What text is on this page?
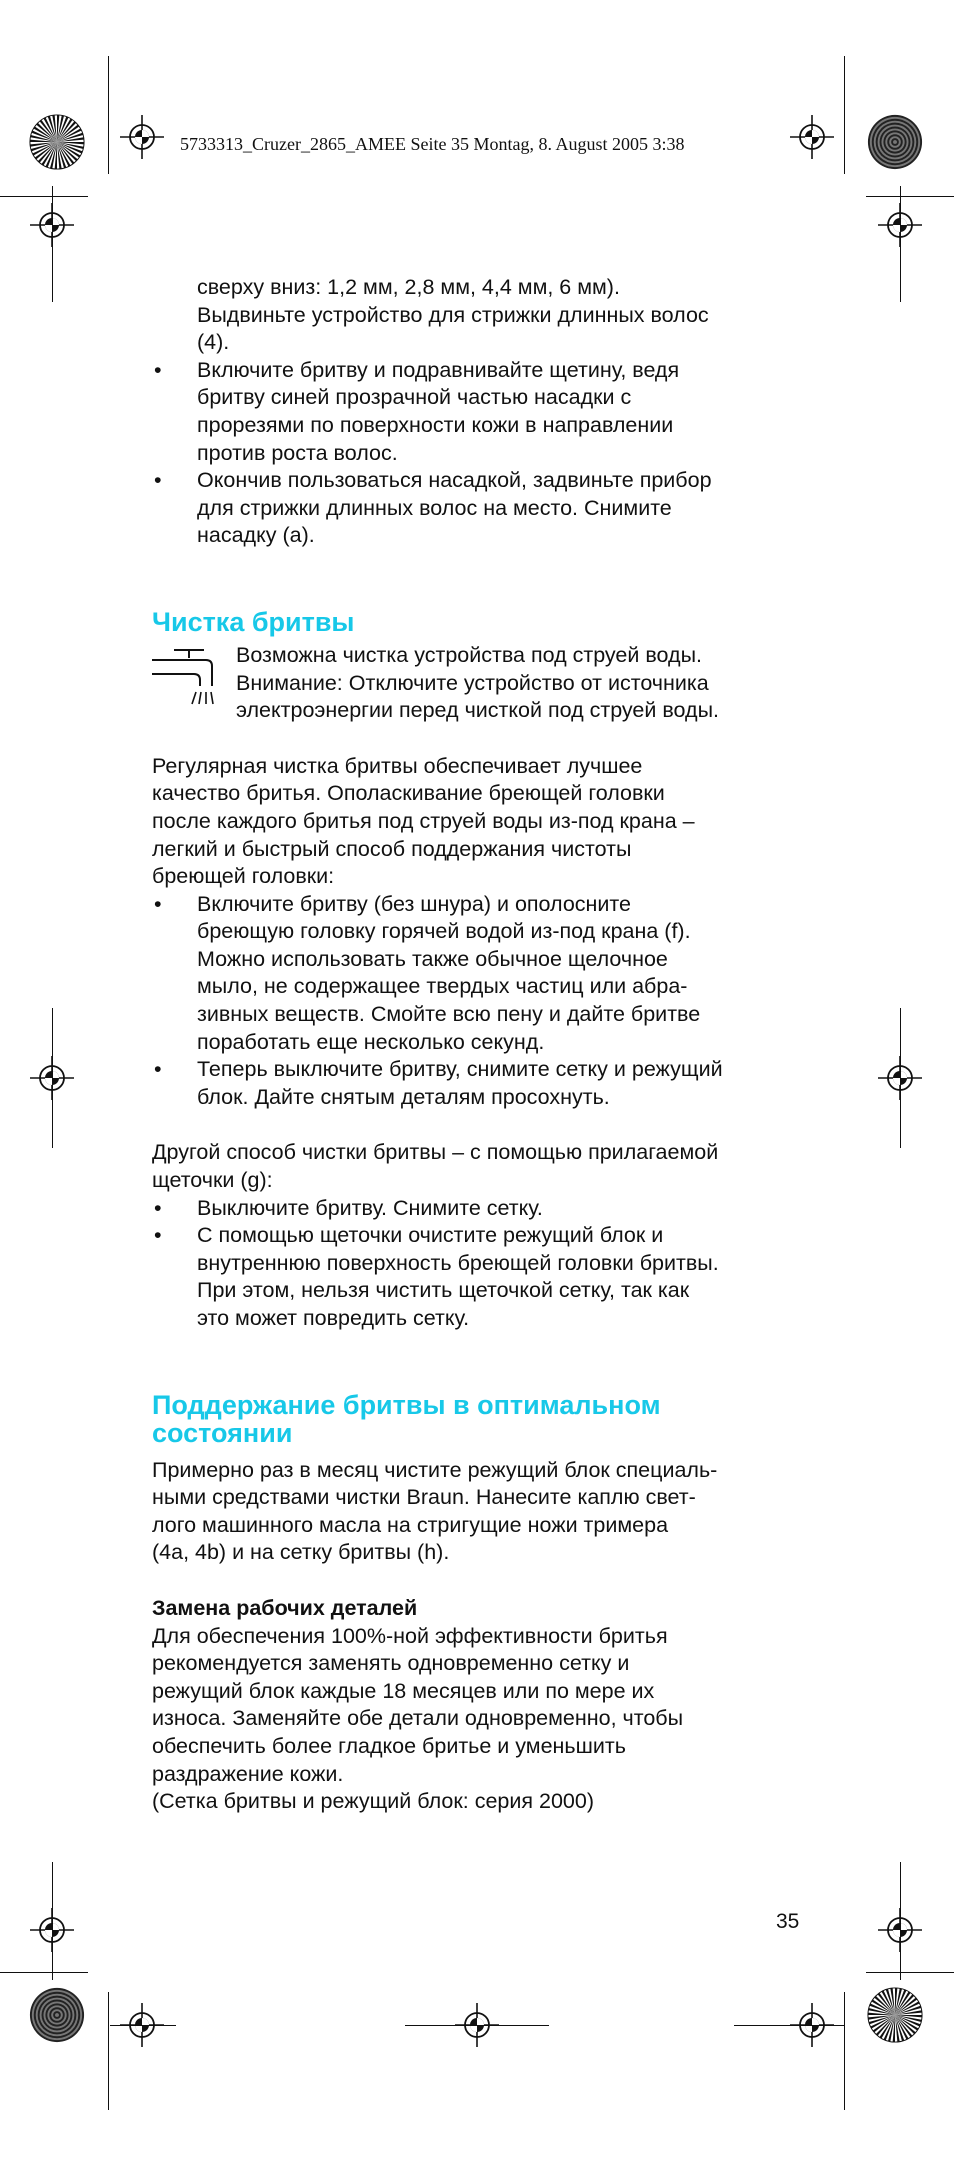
5733313_Cruzer_2865_AMEE Seite 35 Montag, 8. August 2005 3:38

сверху вниз: 1,2 мм, 2,8 мм, 4,4 мм, 6 мм).

Выдвиньте устройство для стрижки длинных волос

(4).

• Включите бритву и подравнивайте щетину, ведя
бритву синей прозрачной частью насадки с
прорезями по поверхности кожи в направлении
против роста волос.
• Окончив пользоваться насадкой, задвиньте прибор
для стрижки длинных волос на место. Снимите
насадку (a).
Чистка бритвы
Возможна чистка устройства под струей воды.
Внимание: Отключите устройство от источника
электроэнергии перед чисткой под струей воды.
Регулярная чистка бритвы обеспечивает лучшее
качество бритья. Ополаскивание бреющей головки
после каждого бритья под струей воды из-под крана –
легкий и быстрый способ поддержания чистоты
бреющей головки:
• Включите бритву (без шнура) и ополосните
бреющую головку горячей водой из-под крана (f).
Можно использовать также обычное щелочное
мыло, не содержащее твердых частиц или абра-
зивных веществ. Смойте всю пену и дайте бритве
поработать еще несколько секунд.
• Теперь выключите бритву, снимите сетку и режущий
блок. Дайте снятым деталям просохнуть.
Другой способ чистки бритвы – с помощью прилагаемой
щеточки (g):
• Выключите бритву. Снимите сетку.
• С помощью щеточки очистите режущий блок и
внутреннюю поверхность бреющей головки бритвы.
При этом, нельзя чистить щеточкой сетку, так как
это может повредить сетку.
Поддержание бритвы в оптимальном
состоянии
Примерно раз в месяц чистите режущий блок специаль-
ными средствами чистки Braun. Нанесите каплю свет-
лого машинного масла на стригущие ножи тримера
(4a, 4b) и на сетку бритвы (h).
Замена рабочих деталей
Для обеспечения 100%-ной эффективности бритья
рекомендуется заменять одновременно сетку и
режущий блок каждые 18 месяцев или по мере их
износа. Заменяйте обе детали одновременно, чтобы
обеспечить более гладкое бритье и уменьшить
раздражение кожи.
(Сетка бритвы и режущий блок: серия 2000)
35
